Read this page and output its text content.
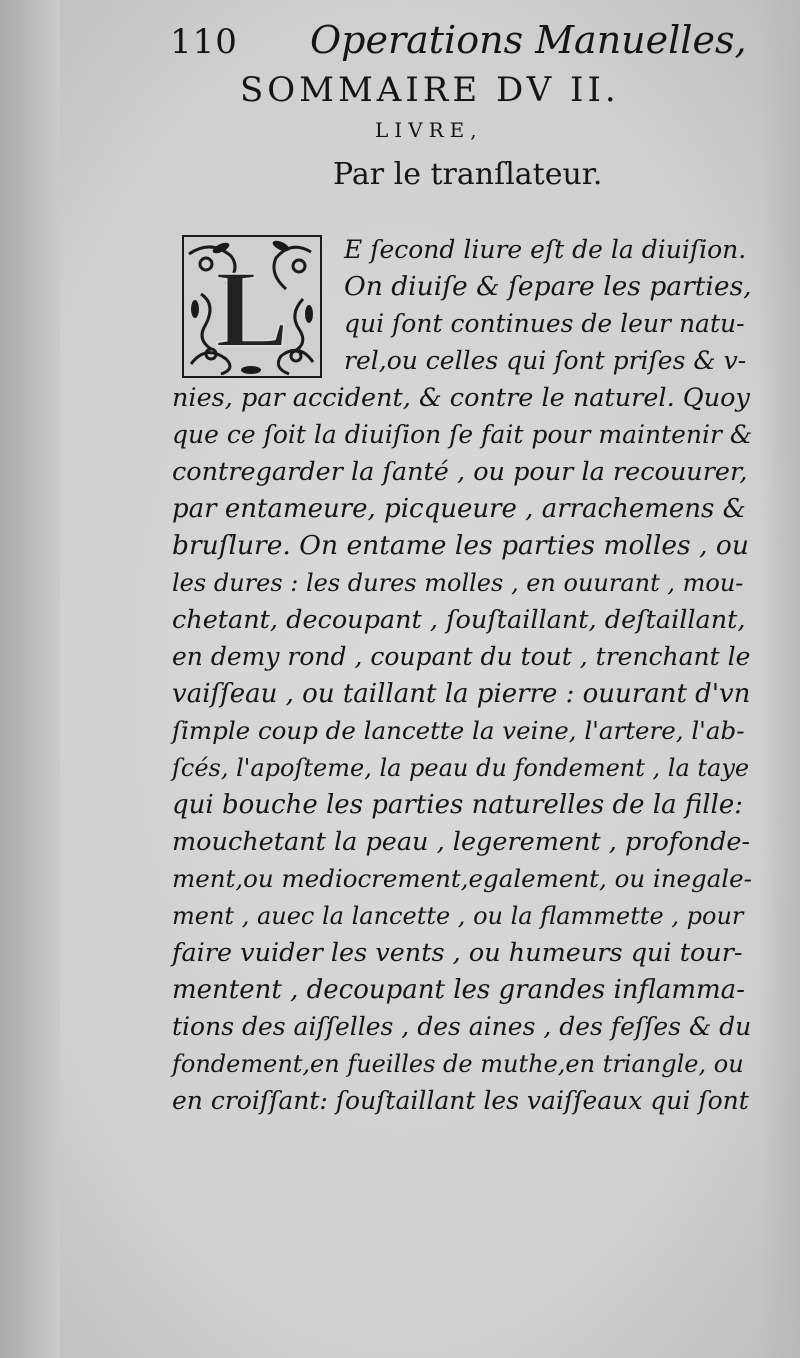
110 Operations Manuelles,
SOMMAIRE DV II.
LIVRE,
Par le tranſlateur.
L E ſecond liure eſt de la diuiſion.
On diuiſe & ſepare les parties,
qui ſont continues de leur natu-
rel,ou celles qui ſont priſes & v-
nies, par accident, & contre le naturel. Quoy
que ce ſoit la diuiſion ſe fait pour maintenir &
contregarder la ſanté , ou pour la recouurer,
par entameure, picqueure , arrachemens &
bruſlure. On entame les parties molles , ou
les dures : les dures molles , en ouurant , mou-
chetant, decoupant , ſouſtaillant, deſtaillant,
en demy rond , coupant du tout , trenchant le
vaiſſeau , ou taillant la pierre : ouurant d'vn
ſimple coup de lancette la veine, l'artere, l'ab-
ſcés, l'apoſteme, la peau du fondement , la taye
qui bouche les parties naturelles de la fille:
mouchetant la peau , legerement , profonde-
ment,ou mediocrement,egalement, ou inegale-
ment , auec la lancette , ou la flammette , pour
faire vuider les vents , ou humeurs qui tour-
mentent , decoupant les grandes inflamma-
tions des aiſſelles , des aines , des feſſes & du
fondement,en fueilles de muthe,en triangle, ou
en croiſſant: ſouſtaillant les vaiſſeaux qui ſont
